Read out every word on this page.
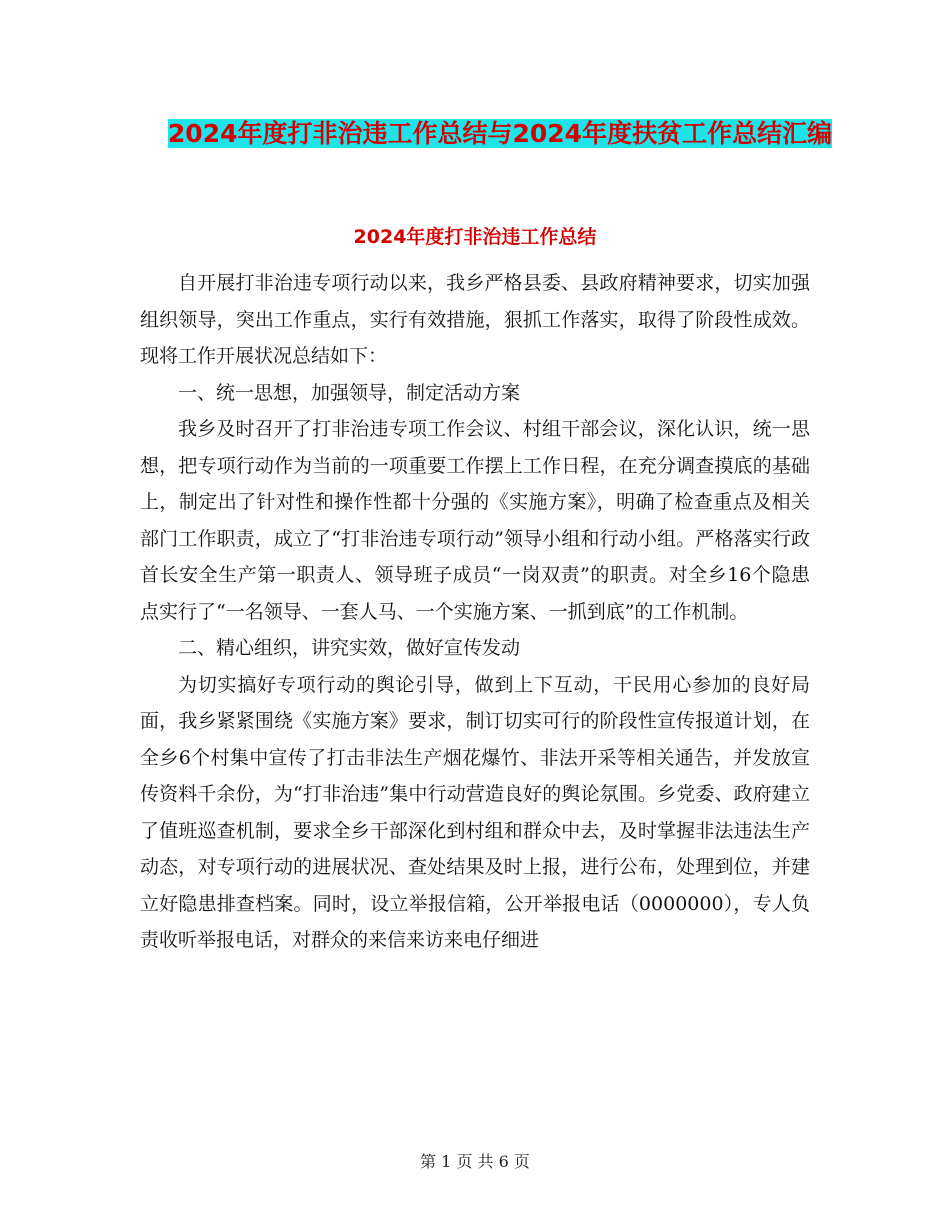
2024年度打非治违工作总结与2024年度扶贫工作总结汇编
2024年度打非治违工作总结

自开展打非治违专项行动以来，我乡严格县委、县政府精神要求，切实加强组织领导，突出工作重点，实行有效措施，狠抓工作落实，取得了阶段性成效。现将工作开展状况总结如下：

一、统一思想，加强领导，制定活动方案

我乡及时召开了打非治违专项工作会议、村组干部会议，深化认识，统一思想，把专项行动作为当前的一项重要工作摆上工作日程，在充分调查摸底的基础上，制定出了针对性和操作性都十分强的《实施方案》，明确了检查重点及相关部门工作职责，成立了“打非治违专项行动”领导小组和行动小组。严格落实行政首长安全生产第一职责人、领导班子成员“一岗双责”的职责。对全乡16个隐患点实行了“一名领导、一套人马、一个实施方案、一抓到底”的工作机制。

二、精心组织，讲究实效，做好宣传发动

为切实搞好专项行动的舆论引导，做到上下互动，干民用心参加的良好局面，我乡紧紧围绕《实施方案》要求，制订切实可行的阶段性宣传报道计划，在全乡6个村集中宣传了打击非法生产烟花爆竹、非法开采等相关通告，并发放宣传资料千余份，为“打非治违”集中行动营造良好的舆论氛围。乡党委、政府建立了值班巡查机制，要求全乡干部深化到村组和群众中去，及时掌握非法违法生产动态，对专项行动的进展状况、查处结果及时上报，进行公布，处理到位，并建立好隐患排查档案。同时，设立举报信箱，公开举报电话（0000000），专人负责收听举报电话，对群众的来信来访来电仔细进

第 1 页 共 6 页
